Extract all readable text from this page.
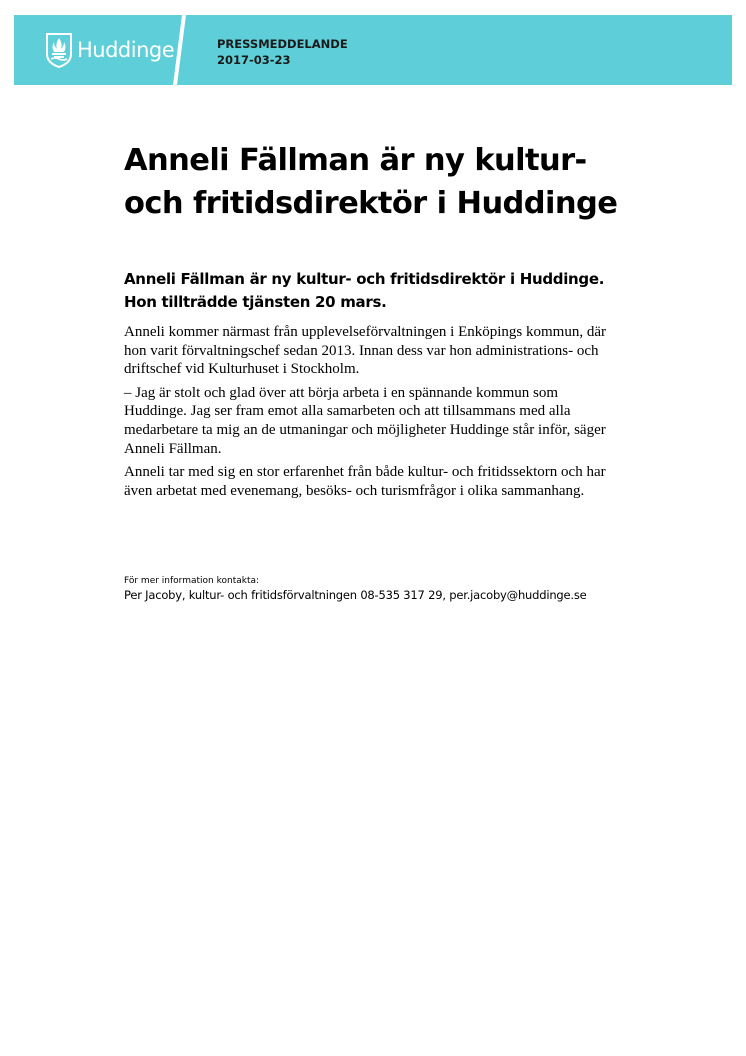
Huddinge	PRESSMEDDELANDE
2017-03-23
Anneli Fällman är ny kultur-
och fritidsdirektör i Huddinge

Anneli Fällman är ny kultur- och fritidsdirektör i Huddinge.
Hon tillträdde tjänsten 20 mars.

Anneli kommer närmast från upplevelseförvaltningen i Enköpings kommun, där hon varit förvaltningschef sedan 2013. Innan dess var hon administrations- och driftschef vid Kulturhuset i Stockholm.

– Jag är stolt och glad över att börja arbeta i en spännande kommun som Huddinge. Jag ser fram emot alla samarbeten och att tillsammans med alla medarbetare ta mig an de utmaningar och möjligheter Huddinge står inför, säger Anneli Fällman.

Anneli tar med sig en stor erfarenhet från både kultur- och fritidssektorn och har även arbetat med evenemang, besöks- och turismfrågor i olika sammanhang.

För mer information kontakta:
Per Jacoby, kultur- och fritidsförvaltningen 08-535 317 29, per.jacoby@huddinge.se
